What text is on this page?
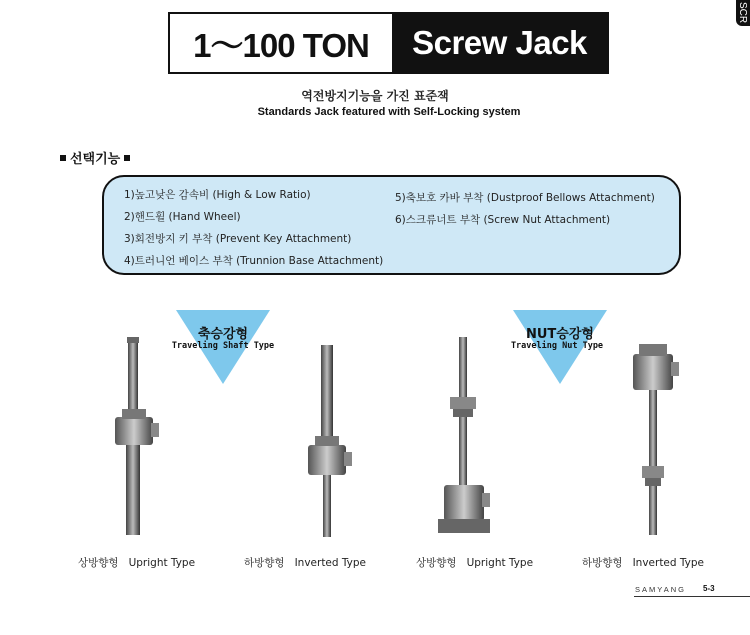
SCR
1～100 TON	Screw Jack
역전방지기능을 가진 표준잭
Standards Jack featured with Self-Locking system
선택기능
1)높고낮은 감속비 (High & Low Ratio)
2)핸드휠 (Hand Wheel)
3)회전방지 키 부착 (Prevent Key Attachment)
4)트러니언 베이스 부착 (Trunnion Base Attachment)
5)축보호 카바 부착 (Dustproof Bellows Attachment)
6)스크류너트 부착 (Screw Nut Attachment)
축승강형
Traveling Shaft Type
NUT승강형
Traveling Nut Type
상방향형 Upright Type	하방향형 Inverted Type	상방향형 Upright Type	하방향형 Inverted Type
SAMYANG 5-3
